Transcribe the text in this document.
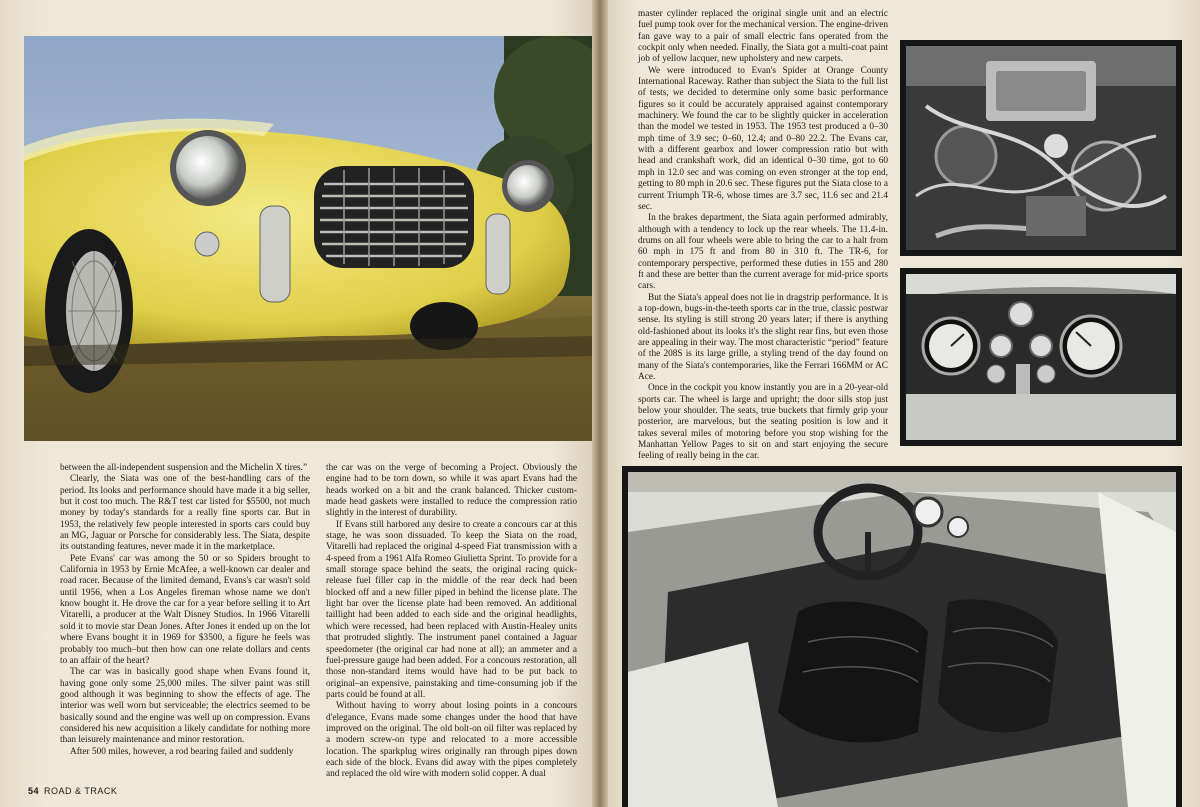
between the all-independent suspension and the Michelin X tires.”

Clearly, the Siata was one of the best-handling cars of the period. Its looks and performance should have made it a big seller, but it cost too much. The R&T test car listed for $5500, not much money by today's standards for a really fine sports car. But in 1953, the relatively few people interested in sports cars could buy an MG, Jaguar or Porsche for considerably less. The Siata, despite its outstanding features, never made it in the marketplace.

Pete Evans' car was among the 50 or so Spiders brought to California in 1953 by Ernie McAfee, a well-known car dealer and road racer. Because of the limited demand, Evans's car wasn't sold until 1956, when a Los Angeles fireman whose name we don't know bought it. He drove the car for a year before selling it to Art Vitarelli, a producer at the Walt Disney Studios. In 1966 Vitarelli sold it to movie star Dean Jones. After Jones it ended up on the lot where Evans bought it in 1969 for $3500, a figure he feels was probably too much–but then how can one relate dollars and cents to an affair of the heart?

The car was in basically good shape when Evans found it, having gone only some 25,000 miles. The silver paint was still good although it was beginning to show the effects of age. The interior was well worn but serviceable; the electrics seemed to be basically sound and the engine was well up on compression. Evans considered his new acquisition a likely candidate for nothing more than leisurely maintenance and minor restoration.

After 500 miles, however, a rod bearing failed and suddenly

the car was on the verge of becoming a Project. Obviously the engine had to be torn down, so while it was apart Evans had the heads worked on a bit and the crank balanced. Thicker custom-made head gaskets were installed to reduce the compression ratio slightly in the interest of durability.

If Evans still harbored any desire to create a concours car at this stage, he was soon dissuaded. To keep the Siata on the road, Vitarelli had replaced the original 4-speed Fiat transmission with a 4-speed from a 1961 Alfa Romeo Giulietta Sprint. To provide for a small storage space behind the seats, the original racing quick-release fuel filler cap in the middle of the rear deck had been blocked off and a new filler piped in behind the license plate. The light bar over the license plate had been removed. An additional taillight had been added to each side and the original headlights, which were recessed, had been replaced with Austin-Healey units that protruded slightly. The instrument panel contained a Jaguar speedometer (the original car had none at all); an ammeter and a fuel-pressure gauge had been added. For a concours restoration, all those non-standard items would have had to be put back to original–an expensive, painstaking and time-consuming job if the parts could be found at all.

Without having to worry about losing points in a concours d'elegance, Evans made some changes under the hood that have improved on the original. The old bolt-on oil filter was replaced by a modern screw-on type and relocated to a more accessible location. The sparkplug wires originally ran through pipes down each side of the block. Evans did away with the pipes completely and replaced the old wire with modern solid copper. A dual

54 ROAD & TRACK

master cylinder replaced the original single unit and an electric fuel pump took over for the mechanical version. The engine-driven fan gave way to a pair of small electric fans operated from the cockpit only when needed. Finally, the Siata got a multi-coat paint job of yellow lacquer, new upholstery and new carpets.

We were introduced to Evan's Spider at Orange County International Raceway. Rather than subject the Siata to the full list of tests, we decided to determine only some basic performance figures so it could be accurately appraised against contemporary machinery. We found the car to be slightly quicker in acceleration than the model we tested in 1953. The 1953 test produced a 0–30 mph time of 3.9 sec; 0–60, 12.4; and 0–80 22.2. The Evans car, with a different gearbox and lower compression ratio but with head and crankshaft work, did an identical 0–30 time, got to 60 mph in 12.0 sec and was coming on even stronger at the top end, getting to 80 mph in 20.6 sec. These figures put the Siata close to a current Triumph TR-6, whose times are 3.7 sec, 11.6 sec and 21.4 sec.

In the brakes department, the Siata again performed admirably, although with a tendency to lock up the rear wheels. The 11.4-in. drums on all four wheels were able to bring the car to a halt from 60 mph in 175 ft and from 80 in 310 ft. The TR-6, for contemporary perspective, performed these duties in 155 and 280 ft and these are better than the current average for mid-price sports cars.

But the Siata's appeal does not lie in dragstrip performance. It is a top-down, bugs-in-the-teeth sports car in the true, classic postwar sense. Its styling is still strong 20 years later; if there is anything old-fashioned about its looks it's the slight rear fins, but even those are appealing in their way. The most characteristic “period” feature of the 208S is its large grille, a styling trend of the day found on many of the Siata's contemporaries, like the Ferrari 166MM or AC Ace.

Once in the cockpit you know instantly you are in a 20-year-old sports car. The wheel is large and upright; the door sills stop just below your shoulder. The seats, true buckets that firmly grip your posterior, are marvelous, but the seating position is low and it takes several miles of motoring before you stop wishing for the Manhattan Yellow Pages to sit on and start enjoying the secure feeling of really being in the car.
